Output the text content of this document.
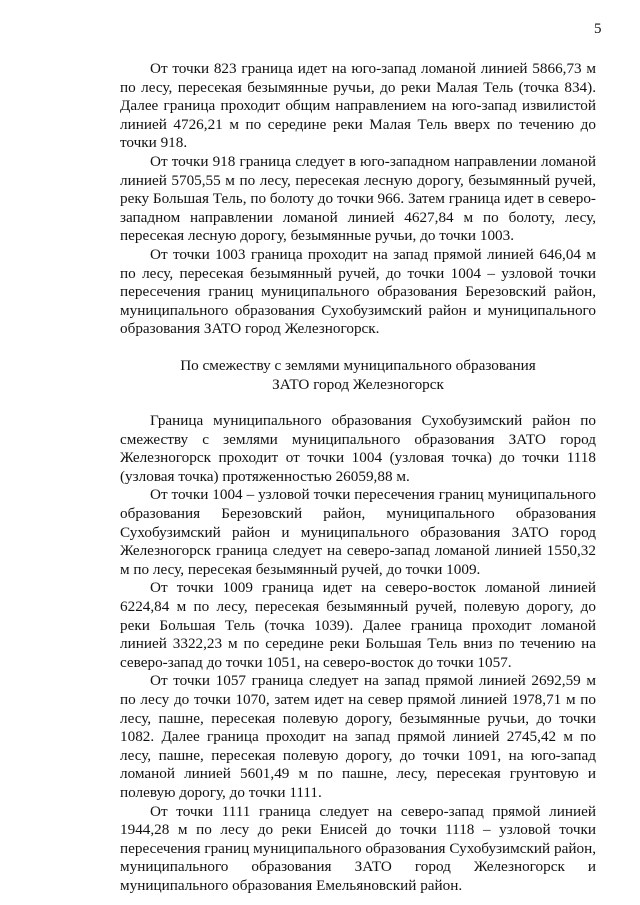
5

От точки 823 граница идет на юго-запад ломаной линией 5866,73 м по лесу, пересекая безымянные ручьи, до реки Малая Тель (точка 834). Далее граница проходит общим направлением на юго-запад извилистой линией 4726,21 м по середине реки Малая Тель вверх по течению до точки 918.

От точки 918 граница следует в юго-западном направлении ломаной линией 5705,55 м по лесу, пересекая лесную дорогу, безымянный ручей, реку Большая Тель, по болоту до точки 966. Затем граница идет в северо-западном направлении ломаной линией 4627,84 м по болоту, лесу, пересекая лесную дорогу, безымянные ручьи, до точки 1003.

От точки 1003 граница проходит на запад прямой линией 646,04 м по лесу, пересекая безымянный ручей, до точки 1004 – узловой точки пересечения границ муниципального образования Березовский район, муниципального образования Сухобузимский район и муниципального образования ЗАТО город Железногорск.

По смежеству с землями муниципального образования
ЗАТО город Железногорск

Граница муниципального образования Сухобузимский район по смежеству с землями муниципального образования ЗАТО город Железногорск проходит от точки 1004 (узловая точка) до точки 1118 (узловая точка) протяженностью 26059,88 м.

От точки 1004 – узловой точки пересечения границ муниципального образования Березовский район, муниципального образования Сухобузимский район и муниципального образования ЗАТО город Железногорск граница следует на северо-запад ломаной линией 1550,32 м по лесу, пересекая безымянный ручей, до точки 1009.

От точки 1009 граница идет на северо-восток ломаной линией 6224,84 м по лесу, пересекая безымянный ручей, полевую дорогу, до реки Большая Тель (точка 1039). Далее граница проходит ломаной линией 3322,23 м по середине реки Большая Тель вниз по течению на северо-запад до точки 1051, на северо-восток до точки 1057.

От точки 1057 граница следует на запад прямой линией 2692,59 м по лесу до точки 1070, затем идет на север прямой линией 1978,71 м по лесу, пашне, пересекая полевую дорогу, безымянные ручьи, до точки 1082. Далее граница проходит на запад прямой линией 2745,42 м по лесу, пашне, пересекая полевую дорогу, до точки 1091, на юго-запад ломаной линией 5601,49 м по пашне, лесу, пересекая грунтовую и полевую дорогу, до точки 1111.

От точки 1111 граница следует на северо-запад прямой линией 1944,28 м по лесу до реки Енисей до точки 1118 – узловой точки пересечения границ муниципального образования Сухобузимский район, муниципального образования ЗАТО город Железногорск и муниципального образования Емельяновский район.
